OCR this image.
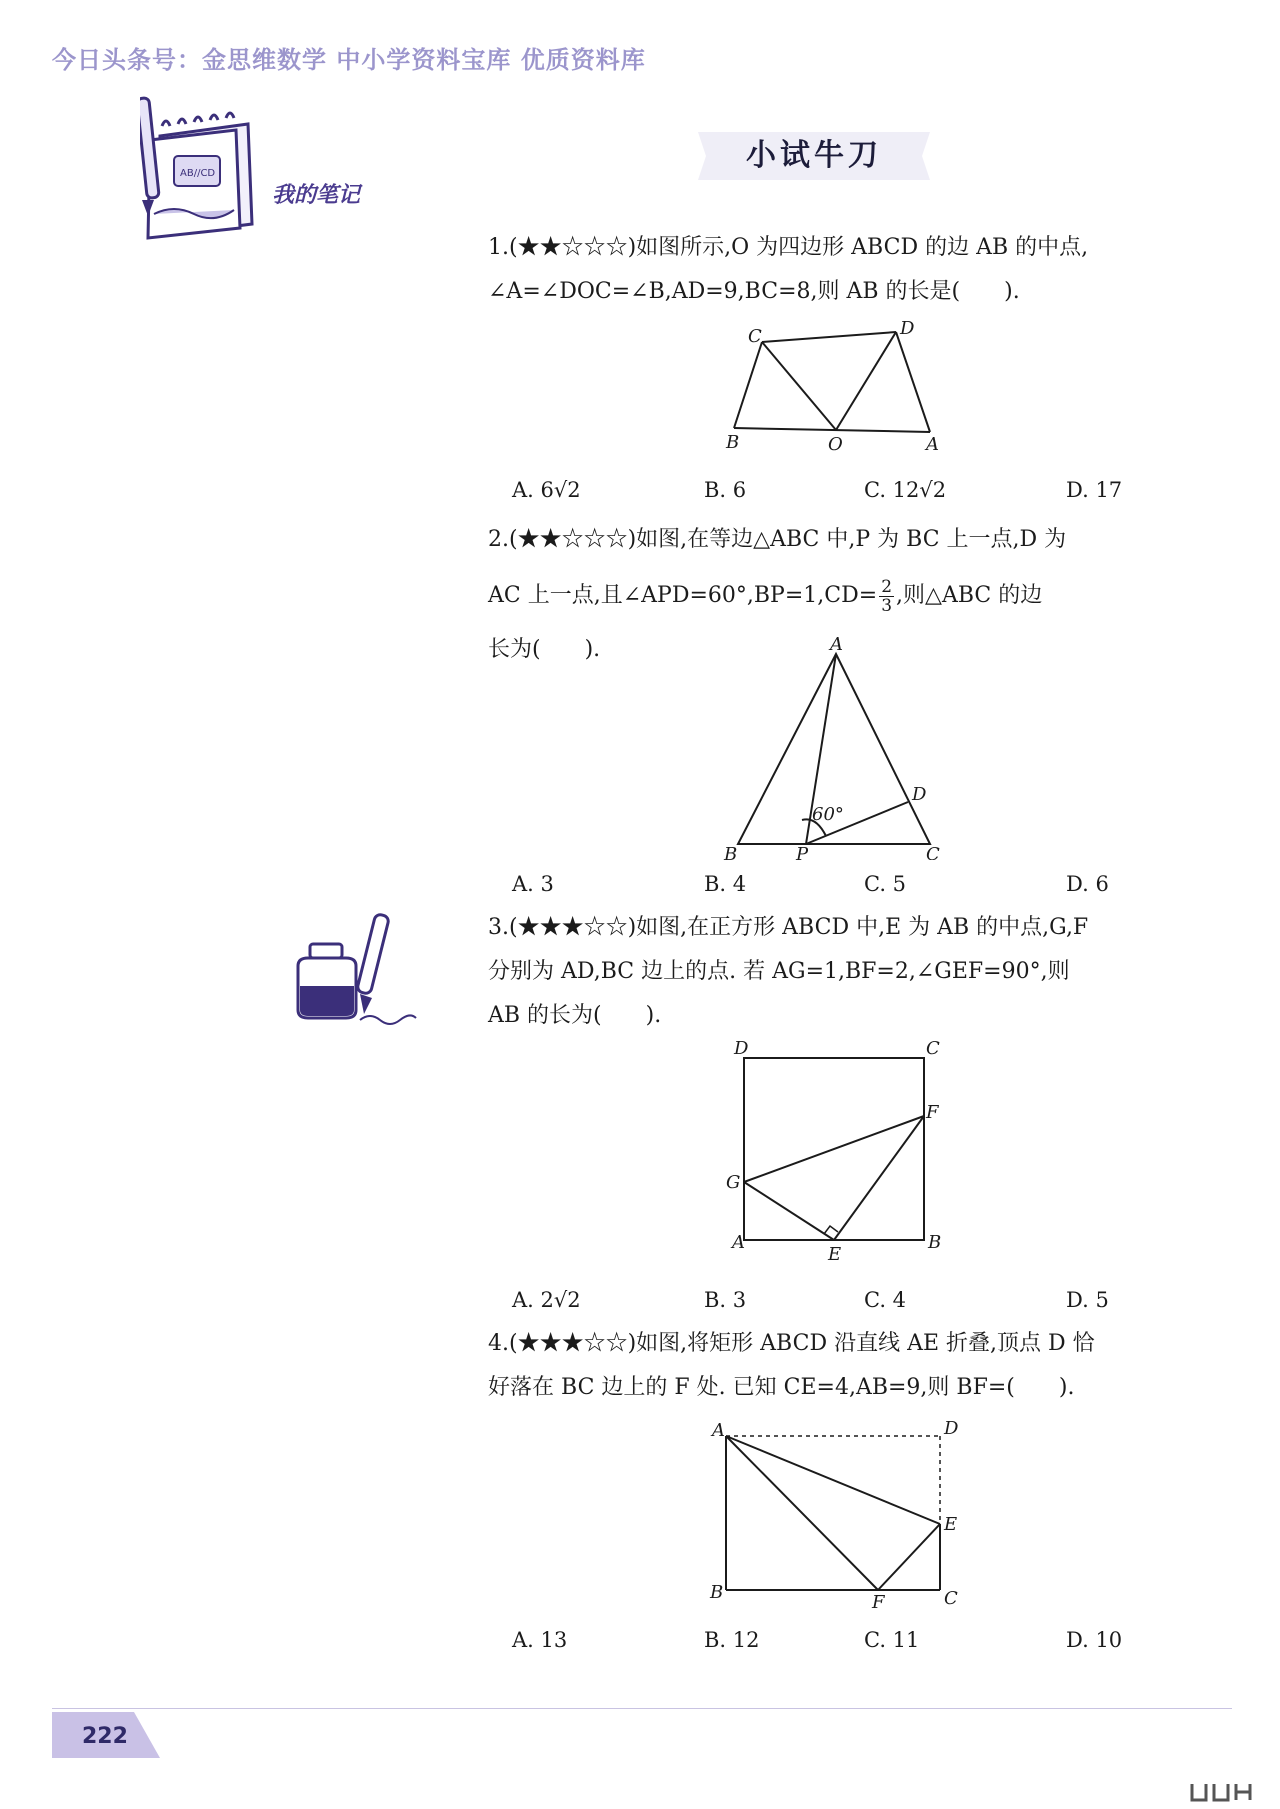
今日头条号：金思维数学 中小学资料宝库 优质资料库
AB//CD
我的笔记
小试牛刀
1.(★★☆☆☆)如图所示,O 为四边形 ABCD 的边 AB 的中点,
∠A=∠DOC=∠B,AD=9,BC=8,则 AB 的长是(　　).
C	D
B	O	A
A. 6√2	B. 6	C. 12√2	D. 17
2.(★★☆☆☆)如图,在等边△ABC 中,P 为 BC 上一点,D 为
AC 上一点,且∠APD=60°,BP=1,CD= $\frac{2}{3}$ ,则△ABC 的边
长为(　　).	A
D
B	P	C
60°
A. 3	B. 4	C. 5	D. 6
3.(★★★☆☆)如图,在正方形 ABCD 中,E 为 AB 的中点,G,F
分别为 AD,BC 边上的点. 若 AG=1,BF=2,∠GEF=90°,则
AB 的长为(　　).
D	C
F
G
A
E
B
A. 2√2	B. 3	C. 4	D. 5
4.(★★★☆☆)如图,将矩形 ABCD 沿直线 AE 折叠,顶点 D 恰
好落在 BC 边上的 F 处. 已知 CE=4,AB=9,则 BF=(　　).
A	D
E
B	F	C
A. 13	B. 12	C. 11	D. 10
222
